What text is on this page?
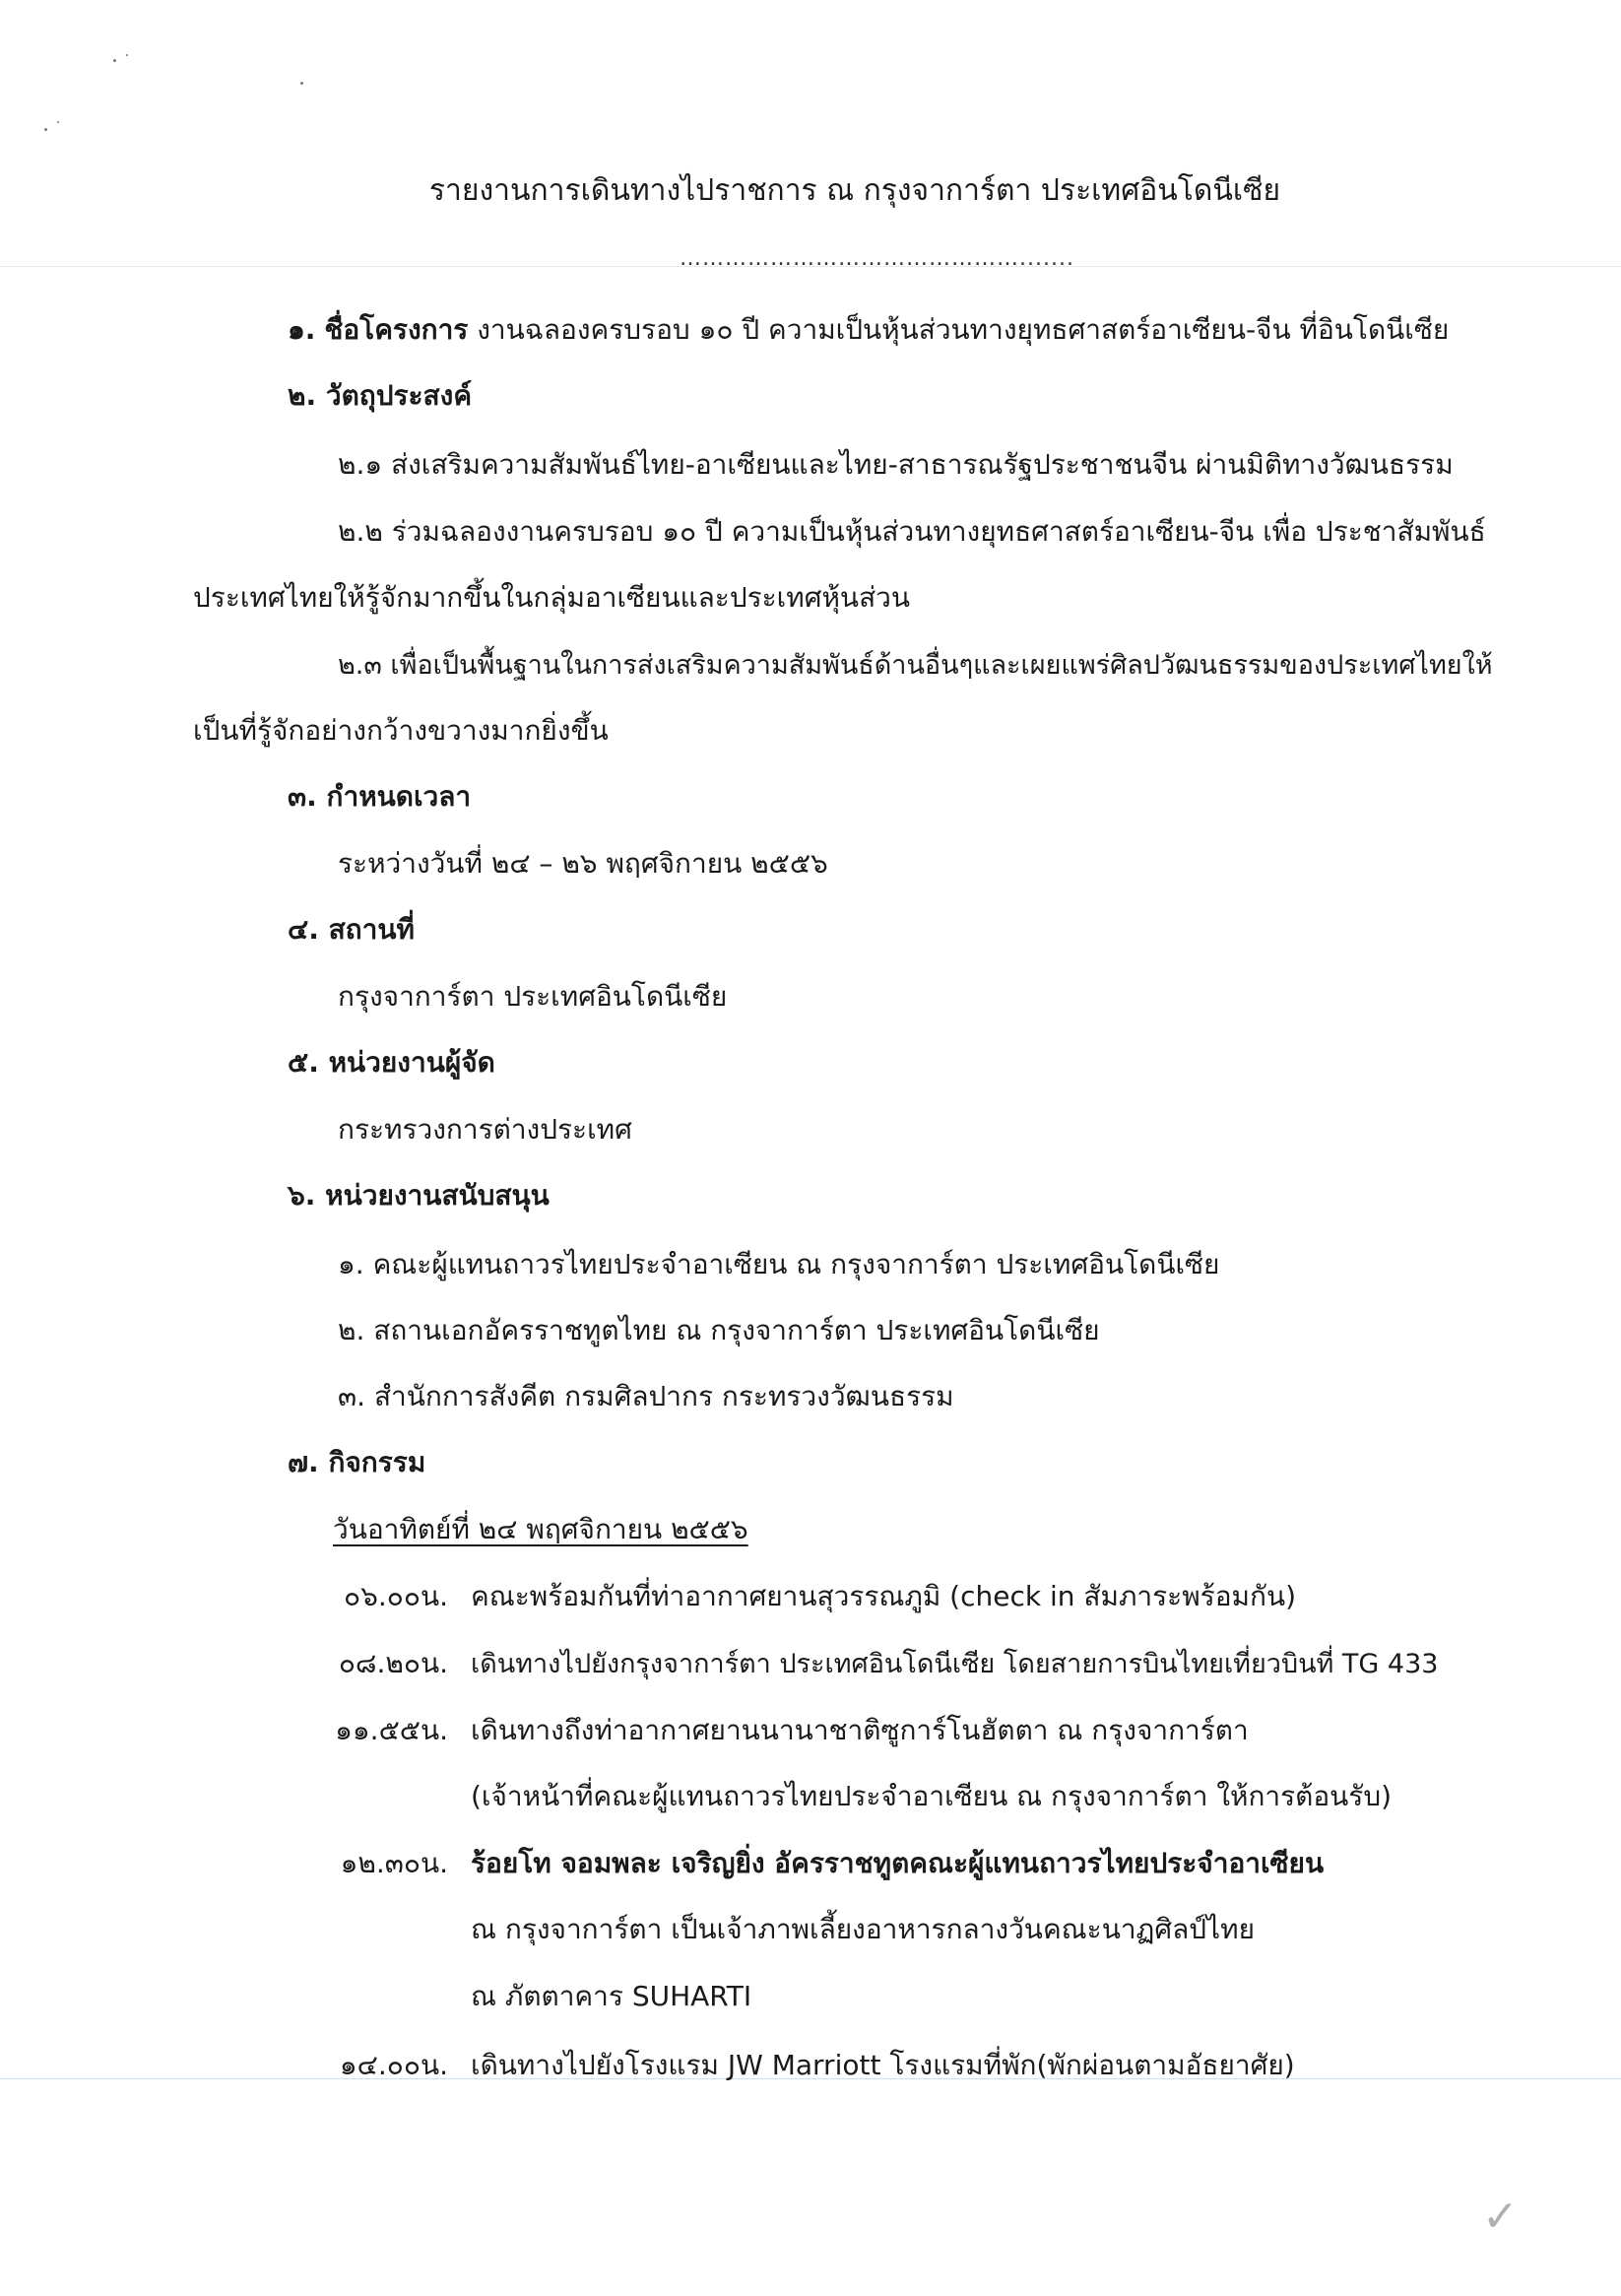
รายงานการเดินทางไปราชการ ณ กรุงจาการ์ตา ประเทศอินโดนีเซีย
……………………………………….......
๑. ชื่อโครงการ งานฉลองครบรอบ ๑๐ ปี ความเป็นหุ้นส่วนทางยุทธศาสตร์อาเซียน-จีน ที่อินโดนีเซีย
๒. วัตถุประสงค์
๒.๑ ส่งเสริมความสัมพันธ์ไทย-อาเซียนและไทย-สาธารณรัฐประชาชนจีน ผ่านมิติทางวัฒนธรรม
๒.๒ ร่วมฉลองงานครบรอบ ๑๐ ปี ความเป็นหุ้นส่วนทางยุทธศาสตร์อาเซียน-จีน เพื่อ ประชาสัมพันธ์
ประเทศไทยให้รู้จักมากขึ้นในกลุ่มอาเซียนและประเทศหุ้นส่วน
๒.๓ เพื่อเป็นพื้นฐานในการส่งเสริมความสัมพันธ์ด้านอื่นๆและเผยแพร่ศิลปวัฒนธรรมของประเทศไทยให้
เป็นที่รู้จักอย่างกว้างขวางมากยิ่งขึ้น
๓. กำหนดเวลา
ระหว่างวันที่ ๒๔ – ๒๖ พฤศจิกายน ๒๕๕๖
๔. สถานที่
กรุงจาการ์ตา ประเทศอินโดนีเซีย
๕. หน่วยงานผู้จัด
กระทรวงการต่างประเทศ
๖. หน่วยงานสนับสนุน
๑. คณะผู้แทนถาวรไทยประจำอาเซียน ณ กรุงจาการ์ตา ประเทศอินโดนีเซีย
๒. สถานเอกอัครราชทูตไทย ณ กรุงจาการ์ตา ประเทศอินโดนีเซีย
๓. สำนักการสังคีต กรมศิลปากร กระทรวงวัฒนธรรม
๗. กิจกรรม
วันอาทิตย์ที่ ๒๔ พฤศจิกายน ๒๕๕๖
๐๖.๐๐น. คณะพร้อมกันที่ท่าอากาศยานสุวรรณภูมิ (check in สัมภาระพร้อมกัน)
๐๘.๒๐น. เดินทางไปยังกรุงจาการ์ตา ประเทศอินโดนีเซีย โดยสายการบินไทยเที่ยวบินที่ TG 433
๑๑.๕๕น. เดินทางถึงท่าอากาศยานนานาชาติซูการ์โนฮัตตา ณ กรุงจาการ์ตา
(เจ้าหน้าที่คณะผู้แทนถาวรไทยประจำอาเซียน ณ กรุงจาการ์ตา ให้การต้อนรับ)
๑๒.๓๐น. ร้อยโท จอมพละ เจริญยิ่ง อัครราชทูตคณะผู้แทนถาวรไทยประจำอาเซียน
ณ กรุงจาการ์ตา เป็นเจ้าภาพเลี้ยงอาหารกลางวันคณะนาฏศิลป์ไทย
ณ ภัตตาคาร SUHARTI
๑๔.๐๐น. เดินทางไปยังโรงแรม JW Marriott โรงแรมที่พัก(พักผ่อนตามอัธยาศัย)
✓
